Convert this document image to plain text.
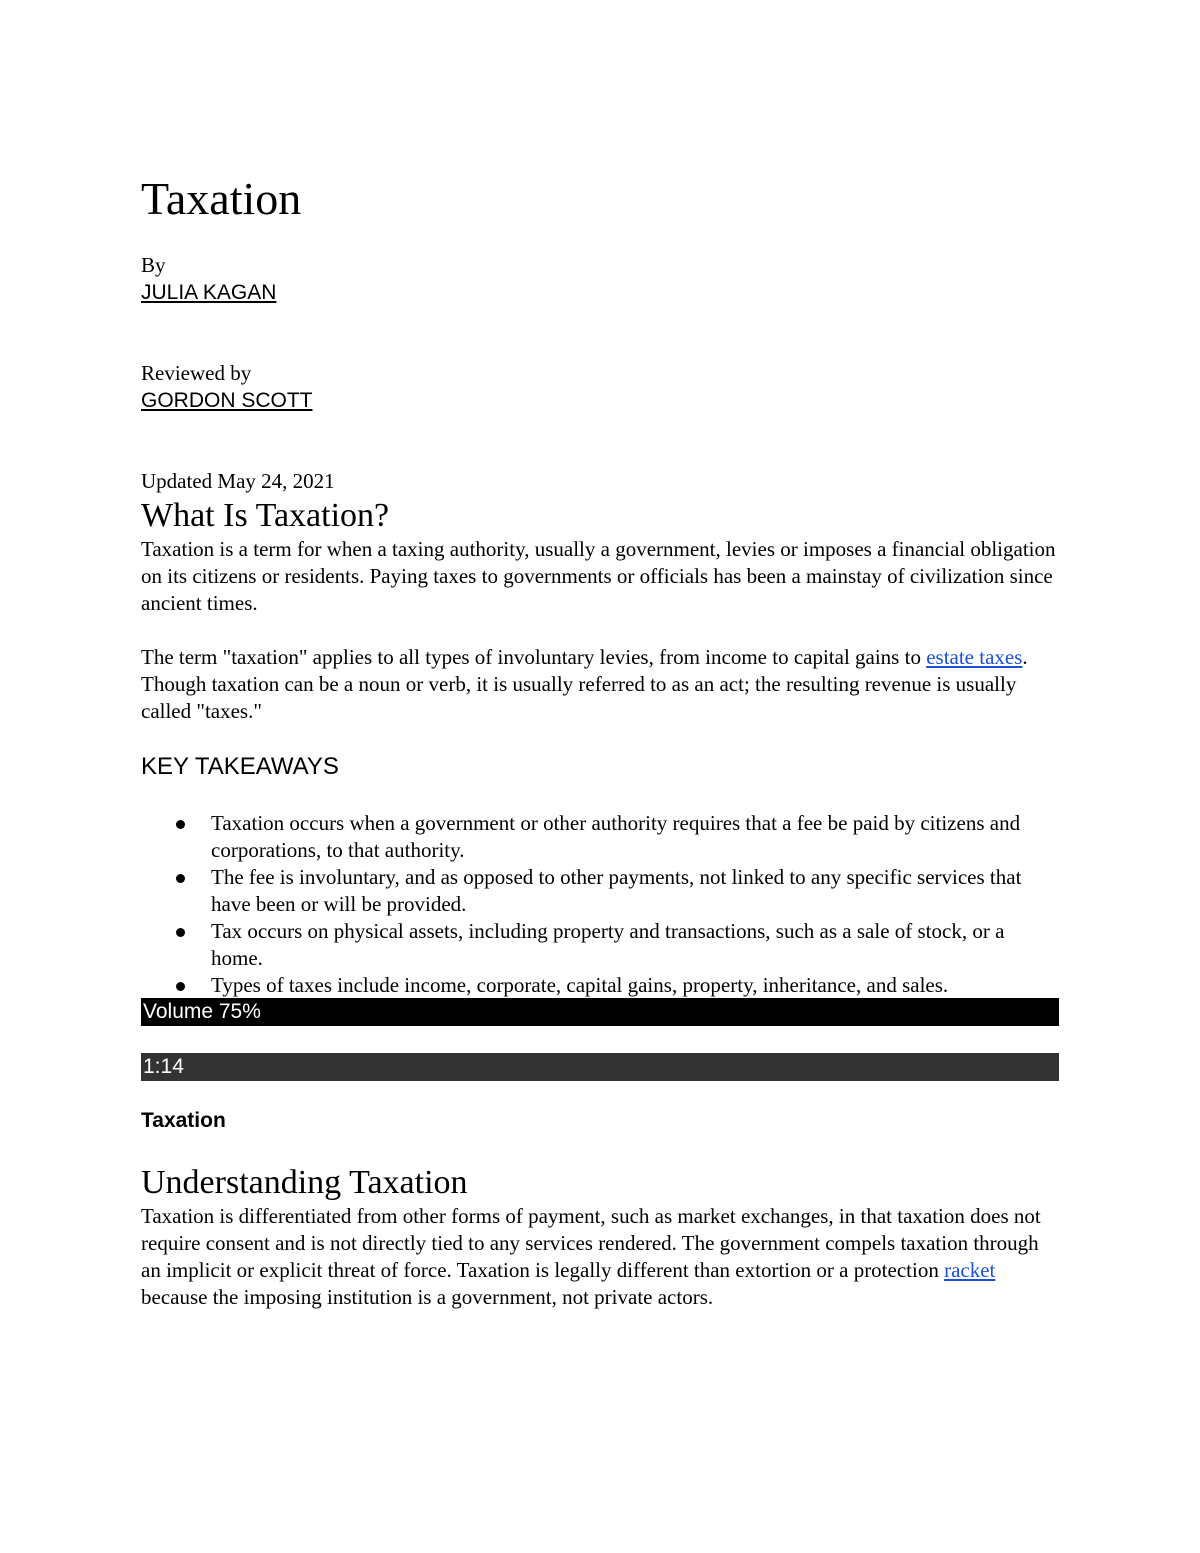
Taxation
By
JULIA KAGAN
Reviewed by
GORDON SCOTT
Updated May 24, 2021
What Is Taxation?

Taxation is a term for when a taxing authority, usually a government, levies or imposes a financial obligation on its citizens or residents. Paying taxes to governments or officials has been a mainstay of civilization since ancient times.

The term "taxation" applies to all types of involuntary levies, from income to capital gains to estate taxes. Though taxation can be a noun or verb, it is usually referred to as an act; the resulting revenue is usually called "taxes."

KEY TAKEAWAYS
Taxation occurs when a government or other authority requires that a fee be paid by citizens and corporations, to that authority.
The fee is involuntary, and as opposed to other payments, not linked to any specific services that have been or will be provided.
Tax occurs on physical assets, including property and transactions, such as a sale of stock, or a home.
Types of taxes include income, corporate, capital gains, property, inheritance, and sales.
Volume 75%
1:14
Taxation
Understanding Taxation

Taxation is differentiated from other forms of payment, such as market exchanges, in that taxation does not require consent and is not directly tied to any services rendered. The government compels taxation through an implicit or explicit threat of force. Taxation is legally different than extortion or a protection racket because the imposing institution is a government, not private actors.
